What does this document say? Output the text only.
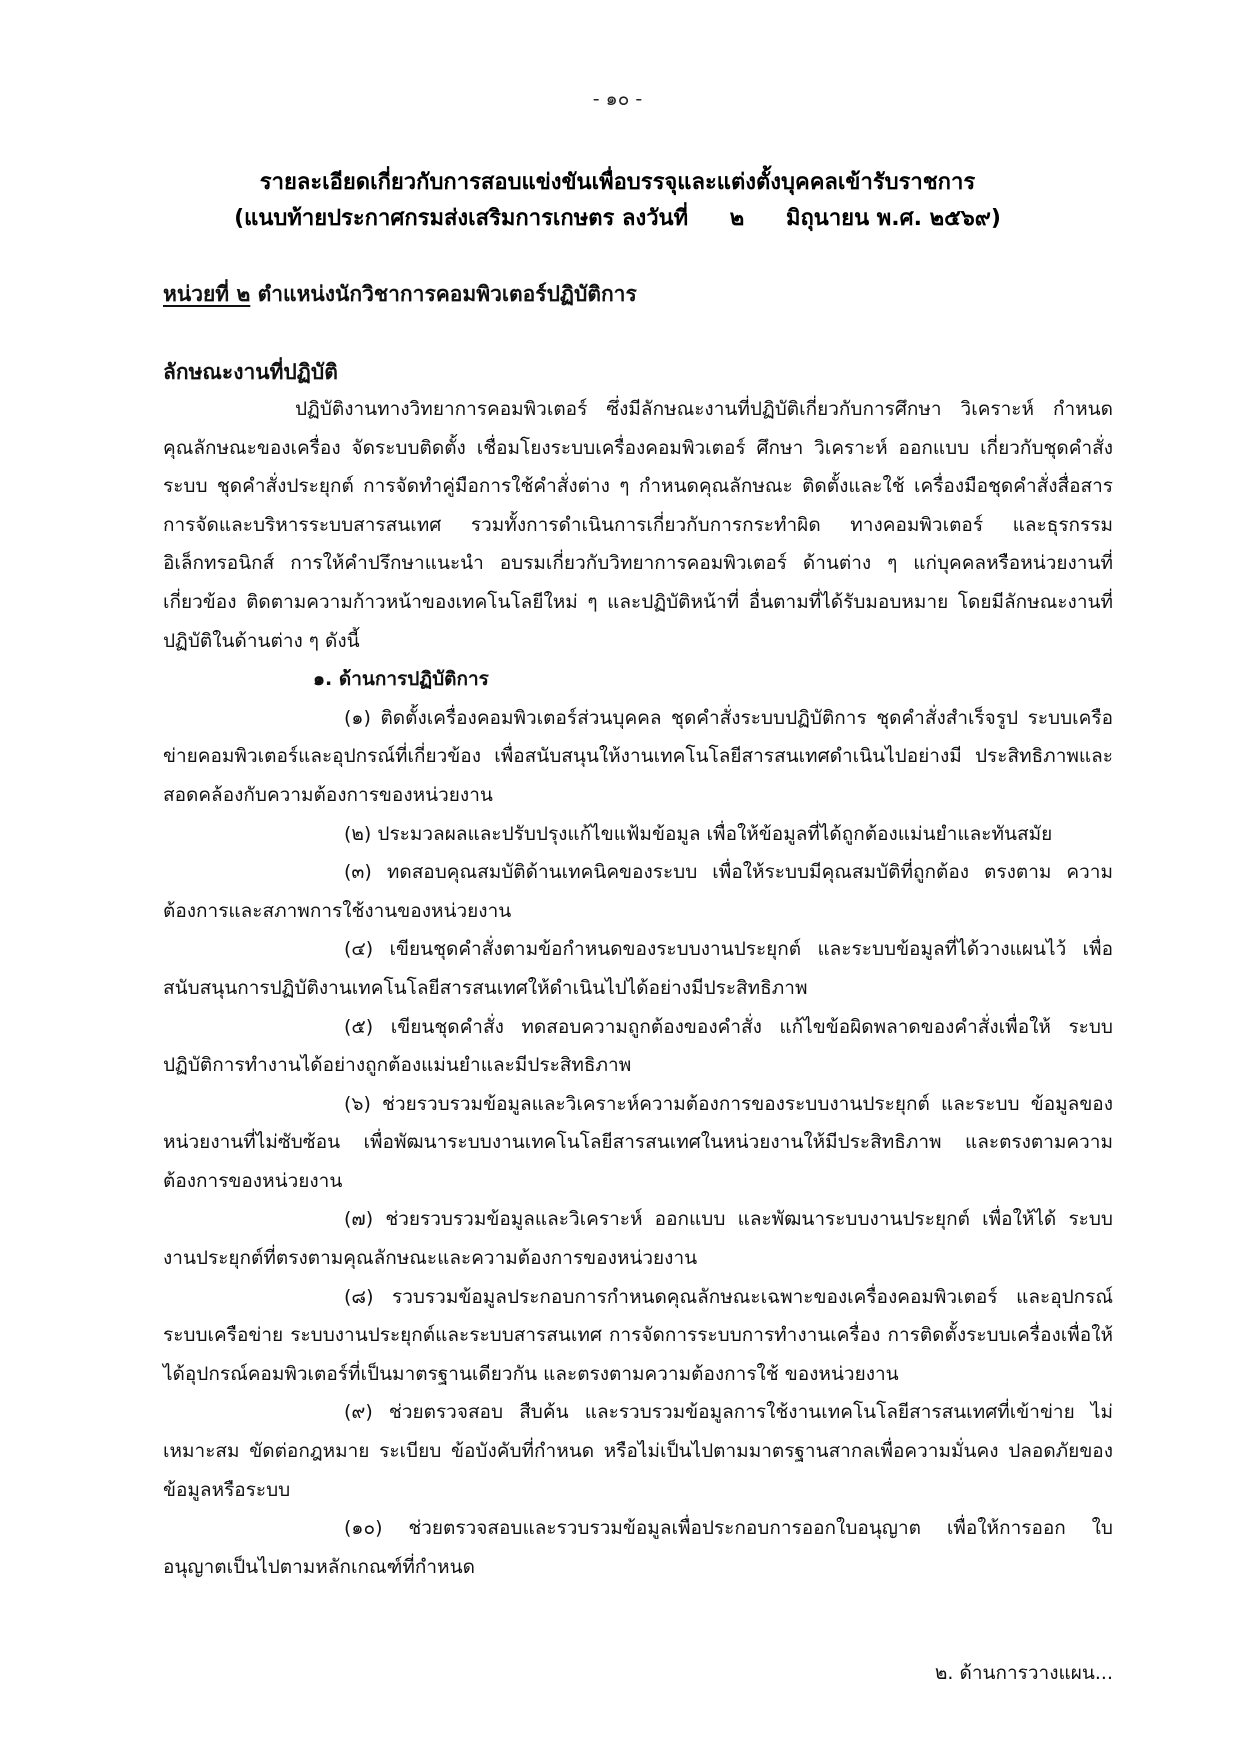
- ๑๐ -
รายละเอียดเกี่ยวกับการสอบแข่งขันเพื่อบรรจุและแต่งตั้งบุคคลเข้ารับราชการ
(แนบท้ายประกาศกรมส่งเสริมการเกษตร ลงวันที่ ๒ มิถุนายน พ.ศ. ๒๕๖๙)
หน่วยที่ ๒ ตำแหน่งนักวิชาการคอมพิวเตอร์ปฏิบัติการ
ลักษณะงานที่ปฏิบัติ

ปฏิบัติงานทางวิทยาการคอมพิวเตอร์ ซึ่งมีลักษณะงานที่ปฏิบัติเกี่ยวกับการศึกษา วิเคราะห์ กำหนดคุณลักษณะของเครื่อง จัดระบบติดตั้ง เชื่อมโยงระบบเครื่องคอมพิวเตอร์ ศึกษา วิเคราะห์ ออกแบบ เกี่ยวกับชุดคำสั่งระบบ ชุดคำสั่งประยุกต์ การจัดทำคู่มือการใช้คำสั่งต่าง ๆ กำหนดคุณลักษณะ ติดตั้งและใช้ เครื่องมือชุดคำสั่งสื่อสาร การจัดและบริหารระบบสารสนเทศ รวมทั้งการดำเนินการเกี่ยวกับการกระทำผิด ทางคอมพิวเตอร์ และธุรกรรมอิเล็กทรอนิกส์ การให้คำปรึกษาแนะนำ อบรมเกี่ยวกับวิทยาการคอมพิวเตอร์ ด้านต่าง ๆ แก่บุคคลหรือหน่วยงานที่เกี่ยวข้อง ติดตามความก้าวหน้าของเทคโนโลยีใหม่ ๆ และปฏิบัติหน้าที่ อื่นตามที่ได้รับมอบหมาย โดยมีลักษณะงานที่ปฏิบัติในด้านต่าง ๆ ดังนี้

๑. ด้านการปฏิบัติการ

(๑) ติดตั้งเครื่องคอมพิวเตอร์ส่วนบุคคล ชุดคำสั่งระบบปฏิบัติการ ชุดคำสั่งสำเร็จรูป ระบบเครือข่ายคอมพิวเตอร์และอุปกรณ์ที่เกี่ยวข้อง เพื่อสนับสนุนให้งานเทคโนโลยีสารสนเทศดำเนินไปอย่างมี ประสิทธิภาพและสอดคล้องกับความต้องการของหน่วยงาน

(๒) ประมวลผลและปรับปรุงแก้ไขแฟ้มข้อมูล เพื่อให้ข้อมูลที่ได้ถูกต้องแม่นยำและทันสมัย

(๓) ทดสอบคุณสมบัติด้านเทคนิคของระบบ เพื่อให้ระบบมีคุณสมบัติที่ถูกต้อง ตรงตาม ความต้องการและสภาพการใช้งานของหน่วยงาน

(๔) เขียนชุดคำสั่งตามข้อกำหนดของระบบงานประยุกต์ และระบบข้อมูลที่ได้วางแผนไว้ เพื่อสนับสนุนการปฏิบัติงานเทคโนโลยีสารสนเทศให้ดำเนินไปได้อย่างมีประสิทธิภาพ

(๕) เขียนชุดคำสั่ง ทดสอบความถูกต้องของคำสั่ง แก้ไขข้อผิดพลาดของคำสั่งเพื่อให้ ระบบปฏิบัติการทำงานได้อย่างถูกต้องแม่นยำและมีประสิทธิภาพ

(๖) ช่วยรวบรวมข้อมูลและวิเคราะห์ความต้องการของระบบงานประยุกต์ และระบบ ข้อมูลของหน่วยงานที่ไม่ซับซ้อน เพื่อพัฒนาระบบงานเทคโนโลยีสารสนเทศในหน่วยงานให้มีประสิทธิภาพ และตรงตามความต้องการของหน่วยงาน

(๗) ช่วยรวบรวมข้อมูลและวิเคราะห์ ออกแบบ และพัฒนาระบบงานประยุกต์ เพื่อให้ได้ ระบบงานประยุกต์ที่ตรงตามคุณลักษณะและความต้องการของหน่วยงาน

(๘) รวบรวมข้อมูลประกอบการกำหนดคุณลักษณะเฉพาะของเครื่องคอมพิวเตอร์ และอุปกรณ์ระบบเครือข่าย ระบบงานประยุกต์และระบบสารสนเทศ การจัดการระบบการทำงานเครื่อง การติดตั้งระบบเครื่องเพื่อให้ได้อุปกรณ์คอมพิวเตอร์ที่เป็นมาตรฐานเดียวกัน และตรงตามความต้องการใช้ ของหน่วยงาน

(๙) ช่วยตรวจสอบ สืบค้น และรวบรวมข้อมูลการใช้งานเทคโนโลยีสารสนเทศที่เข้าข่าย ไม่เหมาะสม ขัดต่อกฎหมาย ระเบียบ ข้อบังคับที่กำหนด หรือไม่เป็นไปตามมาตรฐานสากลเพื่อความมั่นคง ปลอดภัยของข้อมูลหรือระบบ

(๑๐) ช่วยตรวจสอบและรวบรวมข้อมูลเพื่อประกอบการออกใบอนุญาต เพื่อให้การออก ใบอนุญาตเป็นไปตามหลักเกณฑ์ที่กำหนด

๒. ด้านการวางแผน...
